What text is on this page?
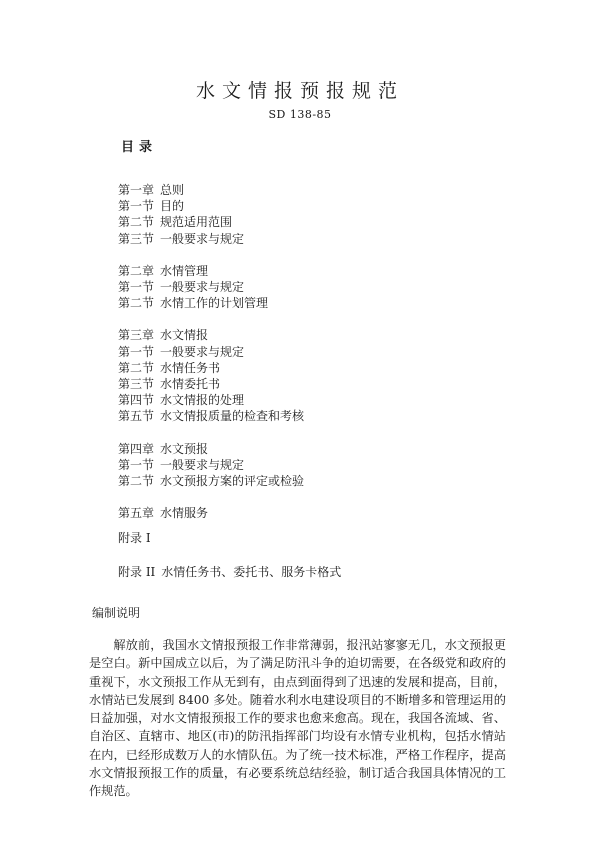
水文情报预报规范
SD 138-85
目录
第一章 总则
第一节 目的
第二节 规范适用范围
第三节 一般要求与规定
第二章 水情管理
第一节 一般要求与规定
第二节 水情工作的计划管理
第三章 水文情报
第一节 一般要求与规定
第二节 水情任务书
第三节 水情委托书
第四节 水文情报的处理
第五节 水文情报质量的检查和考核
第四章 水文预报
第一节 一般要求与规定
第二节 水文预报方案的评定或检验
第五章 水情服务
附录 I
附录 II 水情任务书、委托书、服务卡格式
编制说明

解放前，我国水文情报预报工作非常薄弱，报汛站寥寥无几，水文预报更是空白。新中国成立以后，为了满足防汛斗争的迫切需要，在各级党和政府的重视下，水文预报工作从无到有，由点到面得到了迅速的发展和提高，目前，水情站已发展到 8400 多处。随着水利水电建设项目的不断增多和管理运用的日益加强，对水文情报预报工作的要求也愈来愈高。现在，我国各流域、省、自治区、直辖市、地区(市)的防汛指挥部门均设有水情专业机构，包括水情站在内，已经形成数万人的水情队伍。为了统一技术标准，严格工作程序，提高水文情报预报工作的质量，有必要系统总结经验，制订适合我国具体情况的工作规范。
